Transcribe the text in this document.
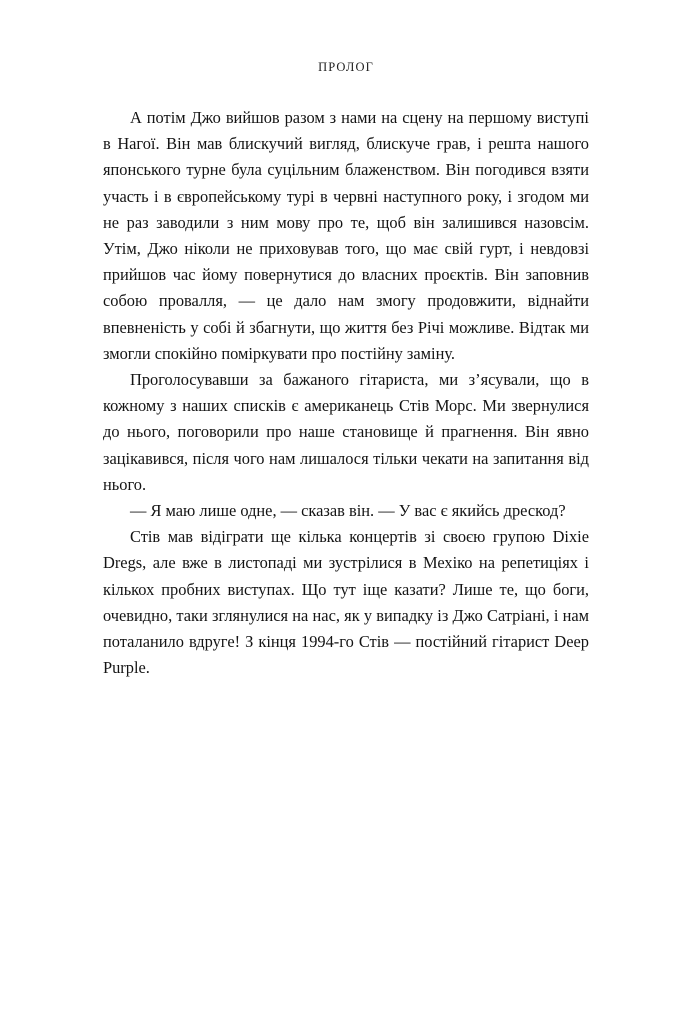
ПРОЛОГ

А потім Джо вийшов разом з нами на сцену на першому виступі в Нагої. Він мав блискучий вигляд, блискуче грав, і решта нашого японського турне була суцільним блаженством. Він погодився взяти участь і в європейському турі в червні наступного року, і згодом ми не раз заводили з ним мову про те, щоб він залишився назовсім. Утім, Джо ніколи не приховував того, що має свій гурт, і невдовзі прийшов час йому повернутися до власних проєктів. Він заповнив собою провалля, — це дало нам змогу продовжити, віднайти впевненість у собі й збагнути, що життя без Річі можливе. Відтак ми змогли спокійно поміркувати про постійну заміну.

Проголосувавши за бажаного гітариста, ми з’ясували, що в кожному з наших списків є американець Стів Морс. Ми звернулися до нього, поговорили про наше становище й прагнення. Він явно зацікавився, після чого нам лишалося тільки чекати на запитання від нього.

— Я маю лише одне, — сказав він. — У вас є якийсь дрескод?

Стів мав відіграти ще кілька концертів зі своєю групою Dixie Dregs, але вже в листопаді ми зустрілися в Мехіко на репетиціях і кількох пробних виступах. Що тут іще казати? Лише те, що боги, очевидно, таки зглянулися на нас, як у випадку із Джо Сатріані, і нам поталанило вдруге! З кінця 1994-го Стів — постійний гітарист Deep Purple.
